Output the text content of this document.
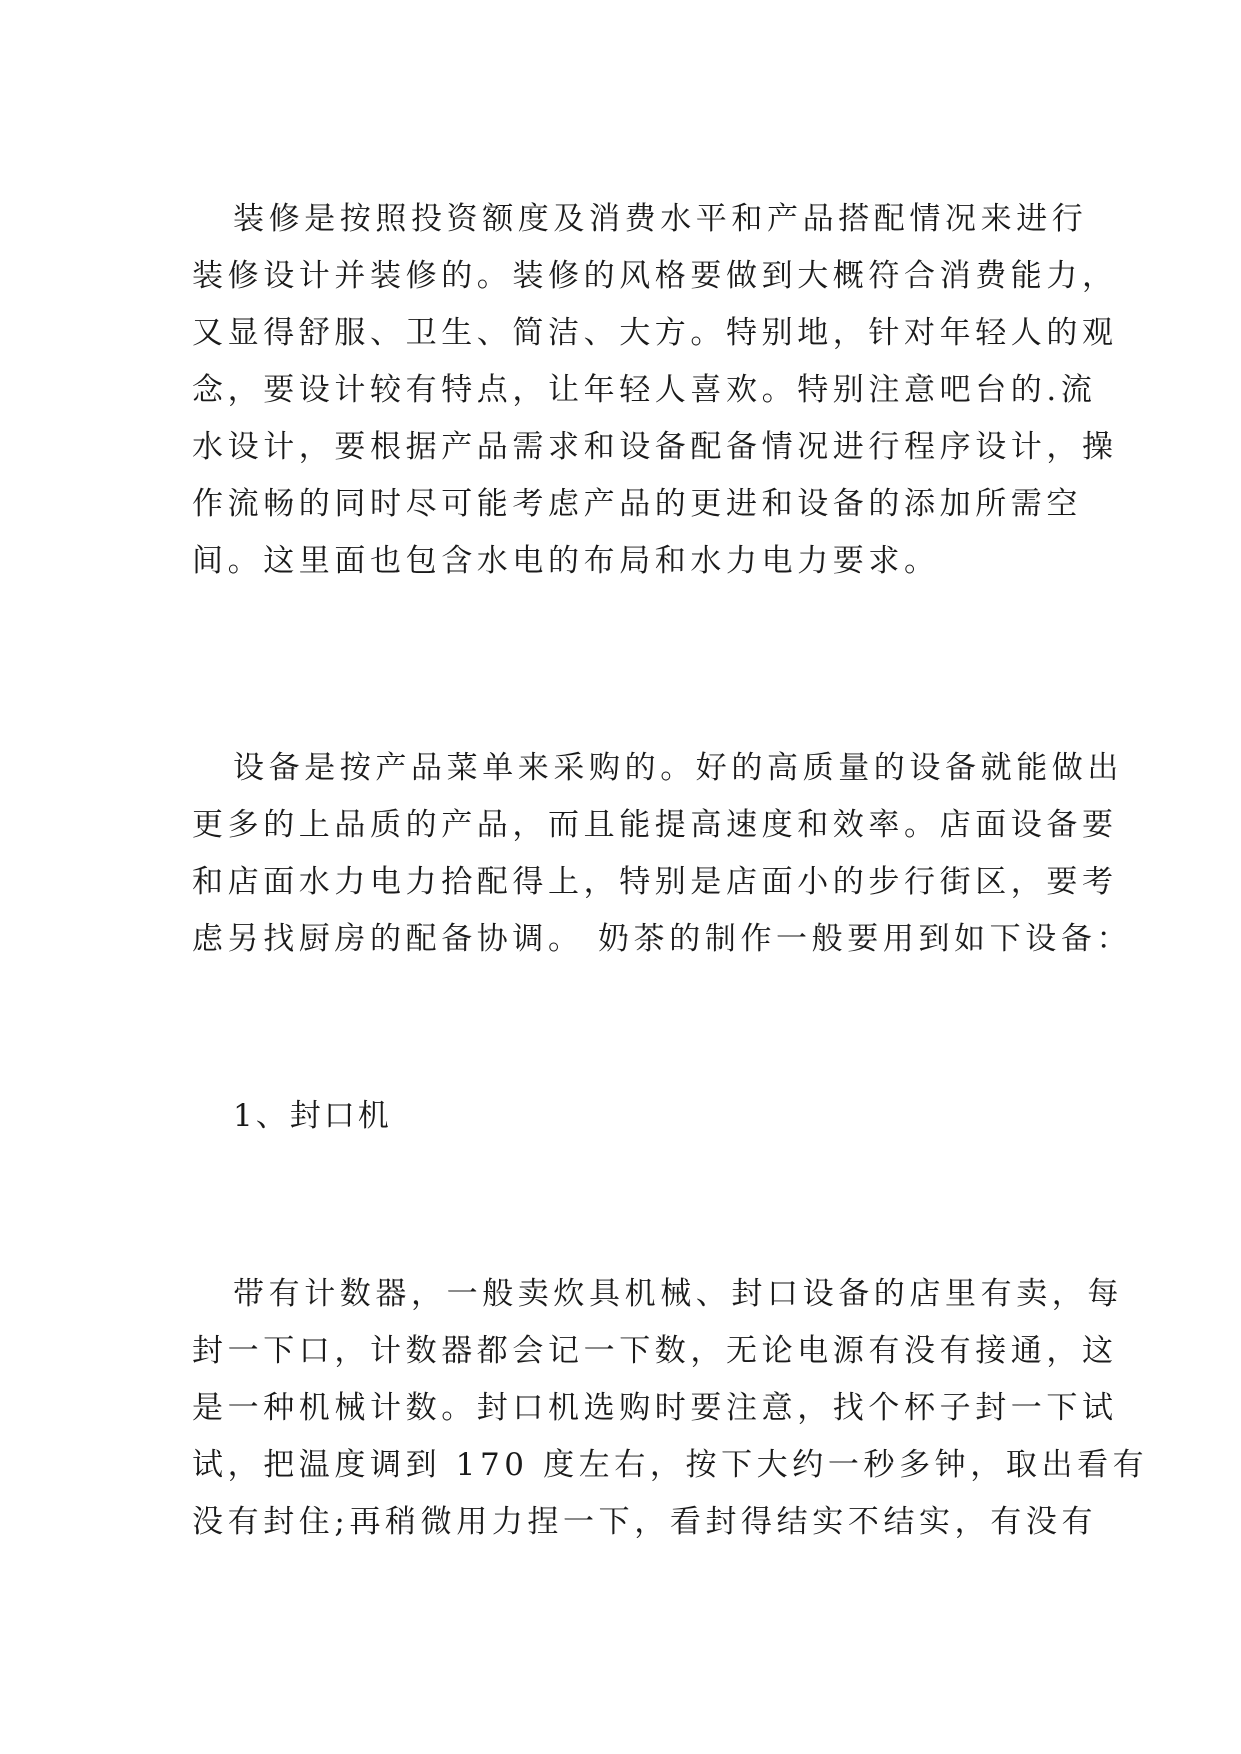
装修是按照投资额度及消费水平和产品搭配情况来进行
装修设计并装修的。装修的风格要做到大概符合消费能力，
又显得舒服、卫生、简洁、大方。特别地，针对年轻人的观
念，要设计较有特点，让年轻人喜欢。特别注意吧台的.流
水设计，要根据产品需求和设备配备情况进行程序设计，操
作流畅的同时尽可能考虑产品的更进和设备的添加所需空
间。这里面也包含水电的布局和水力电力要求。
设备是按产品菜单来采购的。好的高质量的设备就能做出
更多的上品质的产品，而且能提高速度和效率。店面设备要
和店面水力电力拾配得上，特别是店面小的步行街区，要考
虑另找厨房的配备协调。 奶茶的制作一般要用到如下设备：
1、封口机
带有计数器，一般卖炊具机械、封口设备的店里有卖，每
封一下口，计数器都会记一下数，无论电源有没有接通，这
是一种机械计数。封口机选购时要注意，找个杯子封一下试
试，把温度调到 170 度左右，按下大约一秒多钟，取出看有
没有封住;再稍微用力捏一下，看封得结实不结实，有没有
